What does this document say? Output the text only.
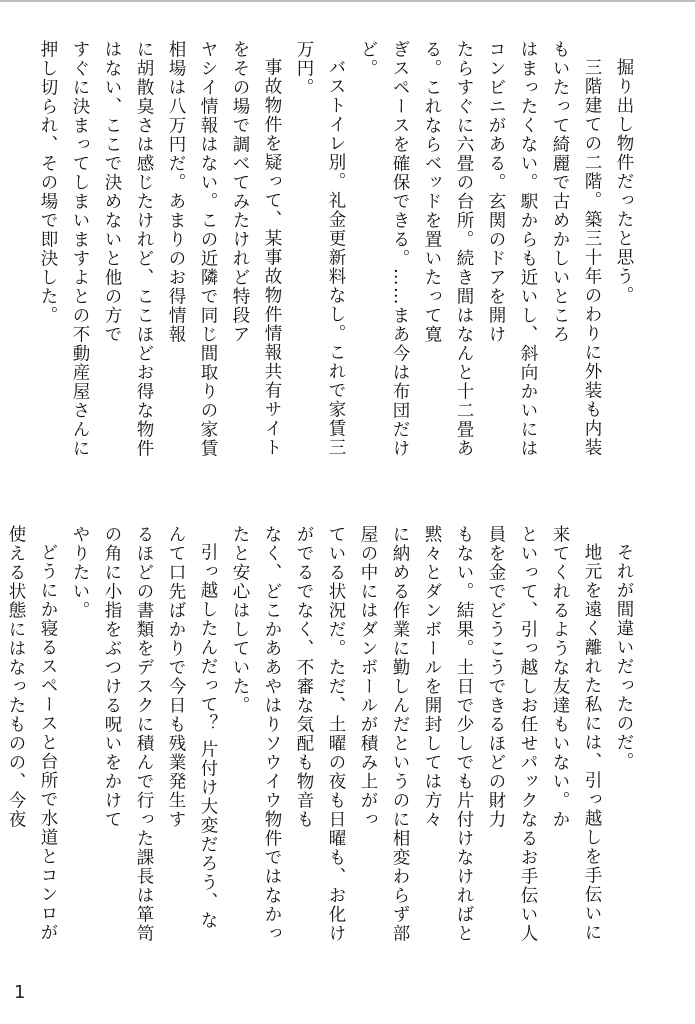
掘り出し物件だったと思う。

三階建ての二階。築三十年のわりに外装も内装

もいたって綺麗で古めかしいところ

はまったくない。駅からも近いし、斜向かいには

コンビニがある。玄関のドアを開け

たらすぐに六畳の台所。続き間はなんと十二畳あ

る。これならベッドを置いたって寛

ぎスペースを確保できる。……まあ今は布団だけ

ど。

バストイレ別。礼金更新料なし。これで家賃三

万円。

事故物件を疑って、某事故物件情報共有サイト

をその場で調べてみたけれど特段ア

ヤシイ情報はない。この近隣で同じ間取りの家賃

相場は八万円だ。あまりのお得情報

に胡散臭さは感じたけれど、ここほどお得な物件

はない、ここで決めないと他の方で

すぐに決まってしまいますよとの不動産屋さんに

押し切られ、その場で即決した。

それが間違いだったのだ。

地元を遠く離れた私には、引っ越しを手伝いに

来てくれるような友達もいない。か

といって、引っ越しお任せパックなるお手伝い人

員を金でどうこうできるほどの財力

もない。結果。土日で少しでも片付けなければと

黙々とダンボールを開封しては方々

に納める作業に勤しんだというのに相変わらず部

屋の中にはダンボールが積み上がっ

ている状況だ。ただ、土曜の夜も日曜も、お化け

がでるでなく、不審な気配も物音も

なく、どこかああやはりソウイウ物件ではなかっ

たと安心はしていた。

引っ越したんだって？ 片付け大変だろう、な

んて口先ばかりで今日も残業発生す

るほどの書類をデスクに積んで行った課長は箪笥

の角に小指をぶつける呪いをかけて

やりたい。

どうにか寝るスペースと台所で水道とコンロが

使える状態にはなったものの、今夜

1
